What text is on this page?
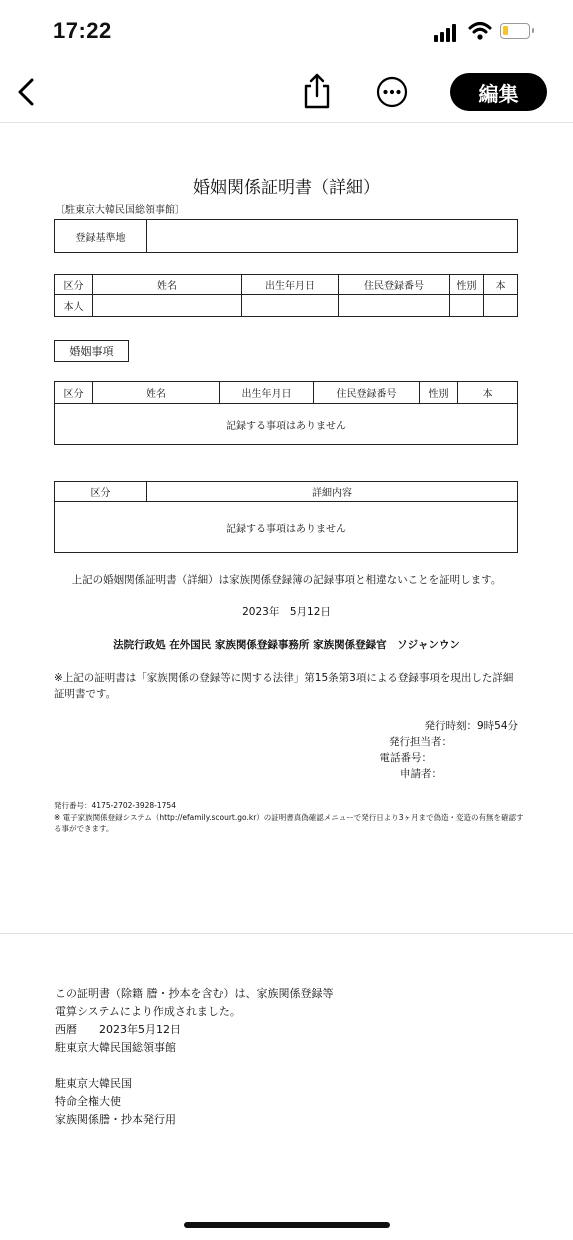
17:22
編集
婚姻関係証明書（詳細）
〔駐東京大韓民国総領事館〕
登録基準地
区分	姓名	出生年月日	住民登録番号	性別	本
本人					
婚姻事項
区分	姓名	出生年月日	住民登録番号	性別	本
記録する事項はありません
区分	詳細内容
記録する事項はありません
上記の婚姻関係証明書（詳細）は家族関係登録簿の記録事項と相違ないことを証明します。
2023年　5月12日
法院行政処 在外国民 家族関係登録事務所 家族関係登録官　ソジャンウン
※上記の証明書は「家族関係の登録等に関する法律」第15条第3項による登録事項を現出した詳細証明書です。
発行時刻：9時54分
発行担当者：
電話番号：
申請者：
発行番号：4175-2702-3928-1754
※ 電子家族関係登録システム（http://efamily.scourt.go.kr）の証明書真偽確認メニューで発行日より3ヶ月まで偽造・変造の有無を確認する事ができます。
この証明書（除籍 謄・抄本を含む）は、家族関係登録等
電算システムにより作成されました。
西暦　　2023年5月12日
駐東京大韓民国総領事館
駐東京大韓民国
特命全権大使
家族関係謄・抄本発行用
